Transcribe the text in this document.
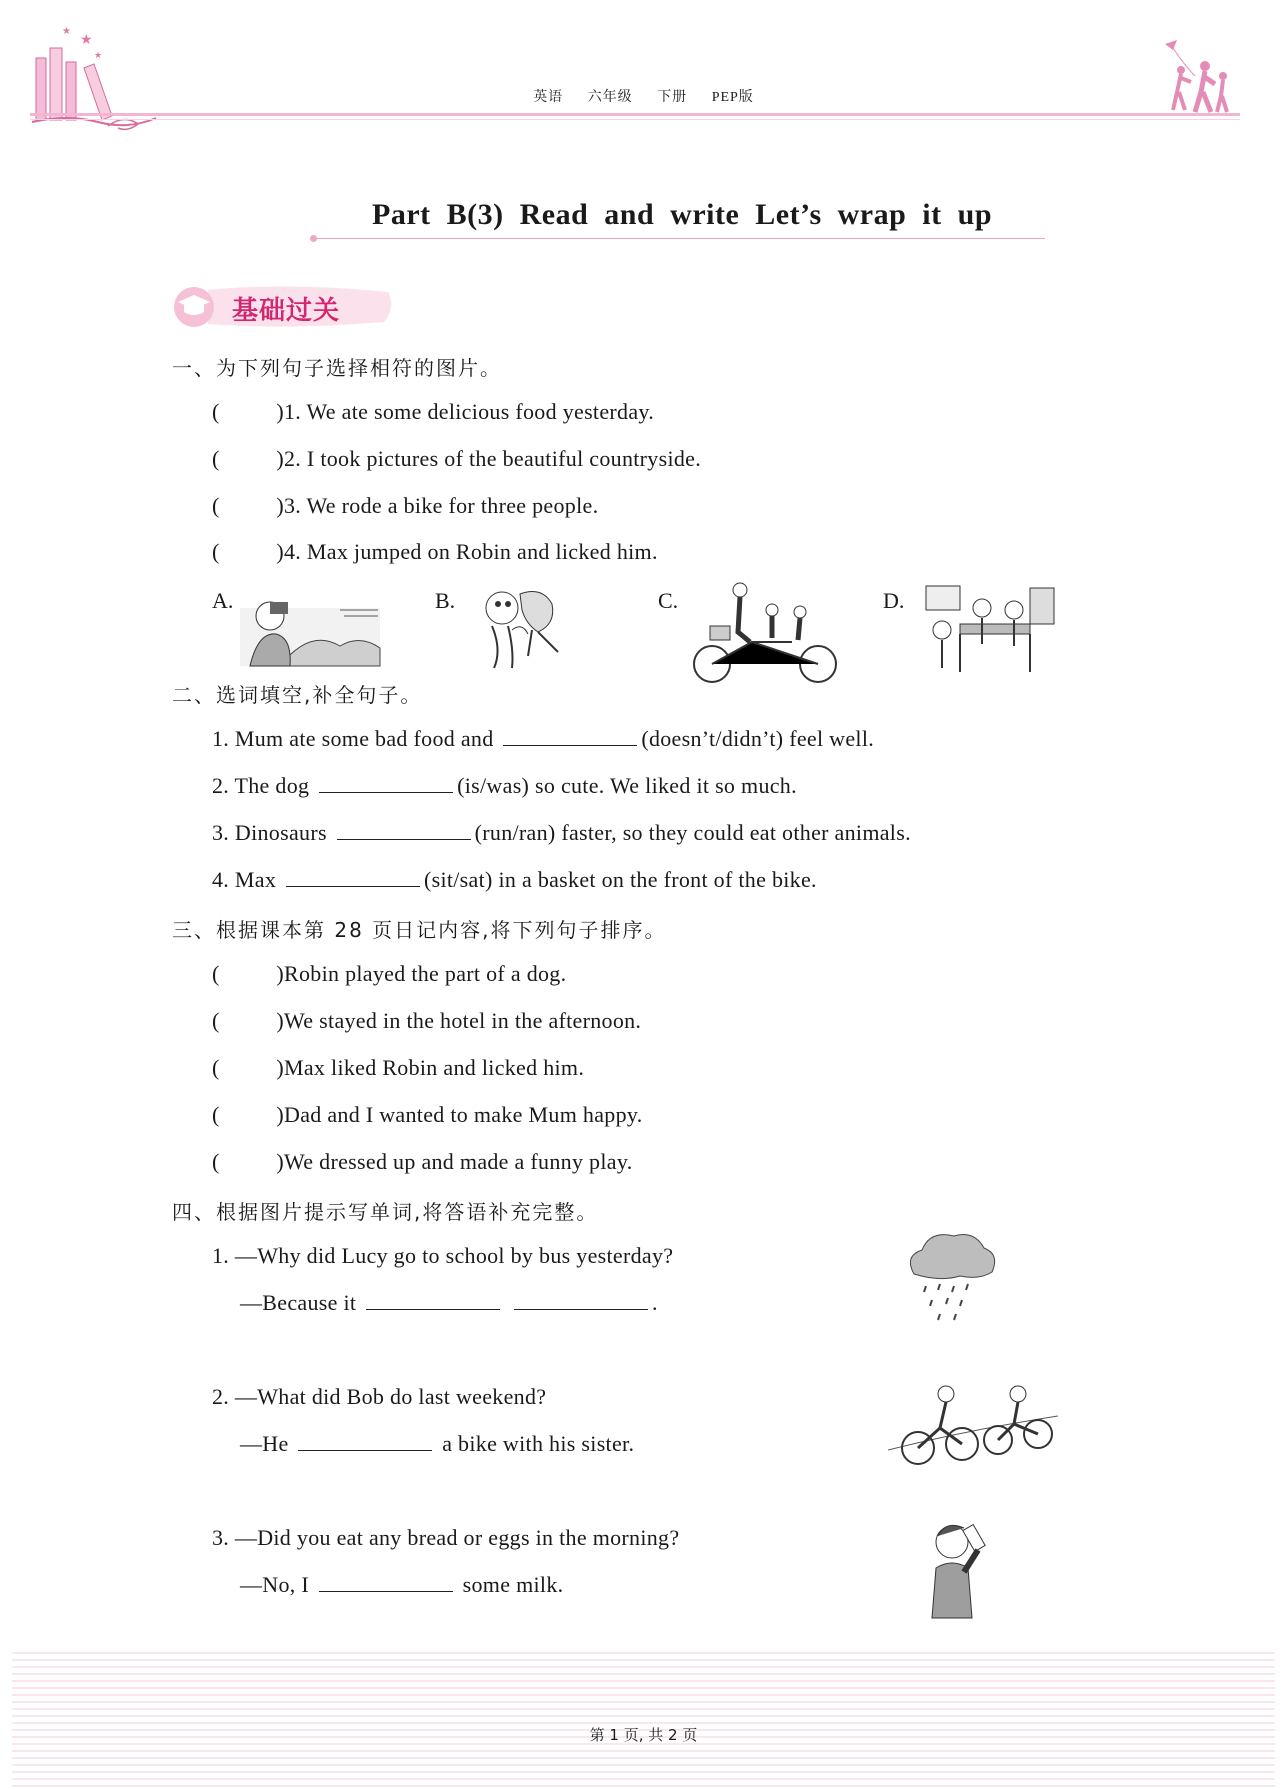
★
★
★
英语 六年级 下册 PEP版
Part B(3) Read and write Let’s wrap it up
基础过关
一、为下列句子选择相符的图片。
(	) 1. We ate some delicious food yesterday.
(	) 2. I took pictures of the beautiful countryside.
(	) 3. We rode a bike for three people.
(	) 4. Max jumped on Robin and licked him.
A.	B.	C.	D.
二、选词填空,补全句子。
1. Mum ate some bad food and	(doesn’t/didn’t) feel well.
2. The dog	(is/was) so cute. We liked it so much.
3. Dinosaurs	(run/ran) faster, so they could eat other animals.
4. Max	(sit/sat) in a basket on the front of the bike.
三、根据课本第 28 页日记内容,将下列句子排序。
(	) Robin played the part of a dog.
(	) We stayed in the hotel in the afternoon.
(	) Max liked Robin and licked him.
(	) Dad and I wanted to make Mum happy.
(	) We dressed up and made a funny play.
四、根据图片提示写单词,将答语补充完整。
1. —Why did Lucy go to school by bus yesterday?
—Because it	.
2. —What did Bob do last weekend?
—He	a bike with his sister.
3. —Did you eat any bread or eggs in the morning?
—No, I	some milk.
第 1 页, 共 2 页
